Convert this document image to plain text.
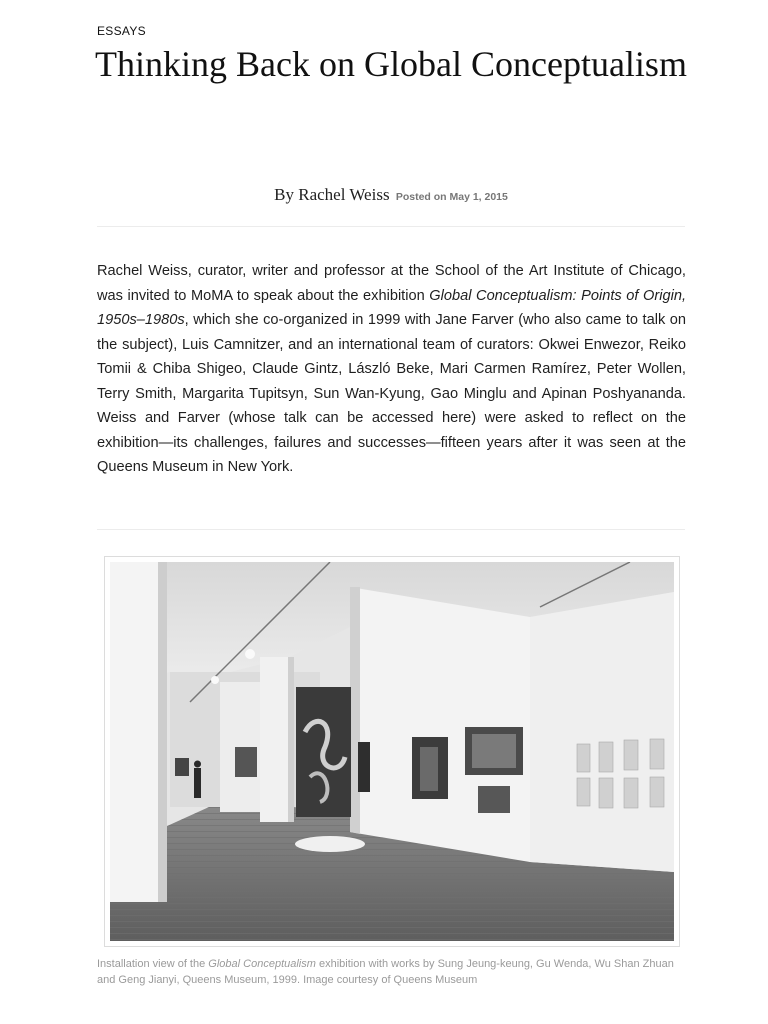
ESSAYS
Thinking Back on Global Conceptualism
By Rachel Weiss Posted on May 1, 2015

Rachel Weiss, curator, writer and professor at the School of the Art Institute of Chicago, was invited to MoMA to speak about the exhibition Global Conceptualism: Points of Origin, 1950s–1980s, which she co-organized in 1999 with Jane Farver (who also came to talk on the subject), Luis Camnitzer, and an international team of curators: Okwei Enwezor, Reiko Tomii & Chiba Shigeo, Claude Gintz, László Beke, Mari Carmen Ramírez, Peter Wollen, Terry Smith, Margarita Tupitsyn, Sun Wan-Kyung, Gao Minglu and Apinan Poshyananda. Weiss and Farver (whose talk can be accessed here) were asked to reflect on the exhibition—its challenges, failures and successes—fifteen years after it was seen at the Queens Museum in New York.

Installation view of the Global Conceptualism exhibition with works by Sung Jeung-keung, Gu Wenda, Wu Shan Zhuan and Geng Jianyi, Queens Museum, 1999. Image courtesy of Queens Museum
